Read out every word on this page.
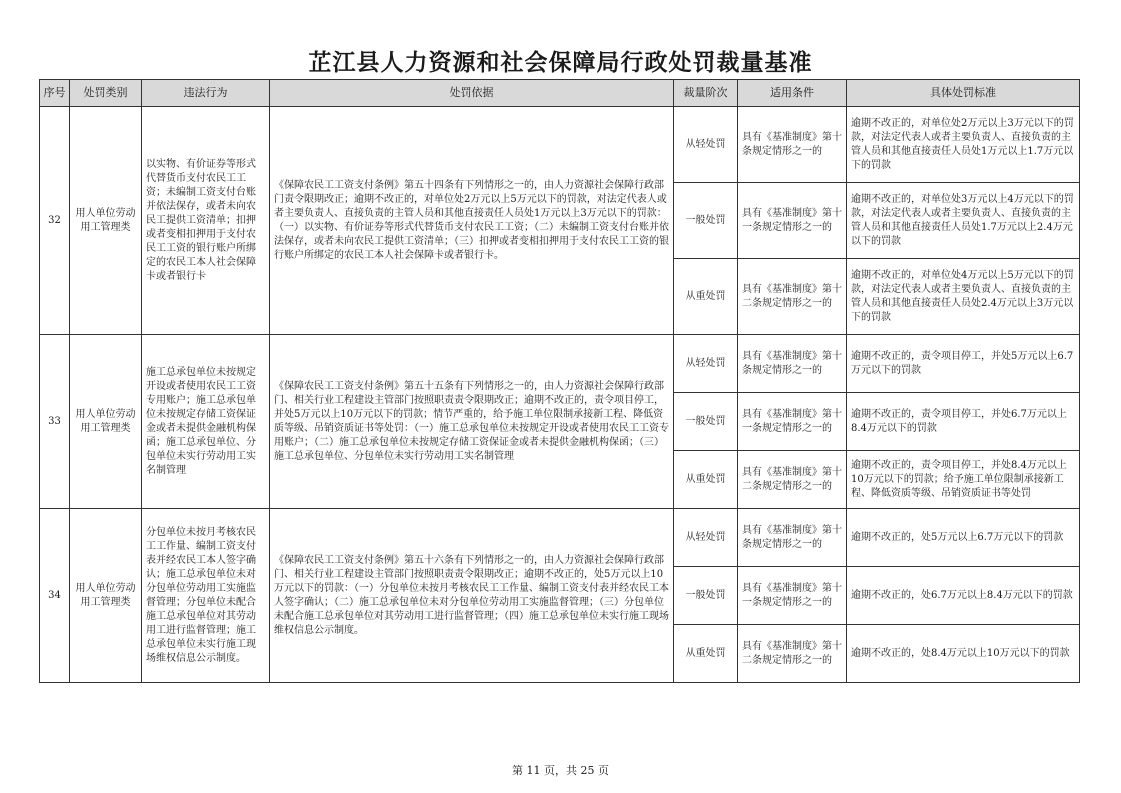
芷江县人力资源和社会保障局行政处罚裁量基准
序号	处罚类别	违法行为	处罚依据	裁量阶次	适用条件	具体处罚标准
32	用人单位劳动用工管理类	以实物、有价证券等形式代替货币支付农民工工资；未编制工资支付台账并依法保存，或者未向农民工提供工资清单；扣押或者变相扣押用于支付农民工工资的银行账户所绑定的农民工本人社会保障卡或者银行卡	《保障农民工工资支付条例》第五十四条有下列情形之一的，由人力资源社会保障行政部门责令限期改正；逾期不改正的，对单位处2万元以上5万元以下的罚款，对法定代表人或者主要负责人、直接负责的主管人员和其他直接责任人员处1万元以上3万元以下的罚款：（一）以实物、有价证券等形式代替货币支付农民工工资；（二）未编制工资支付台账并依法保存，或者未向农民工提供工资清单；（三）扣押或者变相扣押用于支付农民工工资的银行账户所绑定的农民工本人社会保障卡或者银行卡。	从轻处罚	具有《基准制度》第十条规定情形之一的	逾期不改正的，对单位处2万元以上3万元以下的罚款，对法定代表人或者主要负责人、直接负责的主管人员和其他直接责任人员处1万元以上1.7万元以下的罚款
				一般处罚	具有《基准制度》第十一条规定情形之一的	逾期不改正的，对单位处3万元以上4万元以下的罚款，对法定代表人或者主要负责人、直接负责的主管人员和其他直接责任人员处1.7万元以上2.4万元以下的罚款
				从重处罚	具有《基准制度》第十二条规定情形之一的	逾期不改正的，对单位处4万元以上5万元以下的罚款，对法定代表人或者主要负责人、直接负责的主管人员和其他直接责任人员处2.4万元以上3万元以下的罚款
33	用人单位劳动用工管理类	施工总承包单位未按规定开设或者使用农民工工资专用账户；施工总承包单位未按规定存储工资保证金或者未提供金融机构保函；施工总承包单位、分包单位未实行劳动用工实名制管理	《保障农民工工资支付条例》第五十五条有下列情形之一的，由人力资源社会保障行政部门、相关行业工程建设主管部门按照职责责令限期改正；逾期不改正的，责令项目停工，并处5万元以上10万元以下的罚款；情节严重的，给予施工单位限制承接新工程、降低资质等级、吊销资质证书等处罚：（一）施工总承包单位未按规定开设或者使用农民工工资专用账户；（二）施工总承包单位未按规定存储工资保证金或者未提供金融机构保函；（三）施工总承包单位、分包单位未实行劳动用工实名制管理	从轻处罚	具有《基准制度》第十条规定情形之一的	逾期不改正的，责令项目停工，并处5万元以上6.7万元以下的罚款
				一般处罚	具有《基准制度》第十一条规定情形之一的	逾期不改正的，责令项目停工，并处6.7万元以上8.4万元以下的罚款
				从重处罚	具有《基准制度》第十二条规定情形之一的	逾期不改正的，责令项目停工，并处8.4万元以上10万元以下的罚款；给予施工单位限制承接新工程、降低资质等级、吊销资质证书等处罚
34	用人单位劳动用工管理类	分包单位未按月考核农民工工作量、编制工资支付表并经农民工本人签字确认；施工总承包单位未对分包单位劳动用工实施监督管理；分包单位未配合施工总承包单位对其劳动用工进行监督管理；施工总承包单位未实行施工现场维权信息公示制度。	《保障农民工工资支付条例》第五十六条有下列情形之一的，由人力资源社会保障行政部门、相关行业工程建设主管部门按照职责责令限期改正；逾期不改正的，处5万元以上10万元以下的罚款：（一）分包单位未按月考核农民工工作量、编制工资支付表并经农民工本人签字确认；（二）施工总承包单位未对分包单位劳动用工实施监督管理；（三）分包单位未配合施工总承包单位对其劳动用工进行监督管理；（四）施工总承包单位未实行施工现场维权信息公示制度。	从轻处罚	具有《基准制度》第十条规定情形之一的	逾期不改正的，处5万元以上6.7万元以下的罚款
				一般处罚	具有《基准制度》第十一条规定情形之一的	逾期不改正的，处6.7万元以上8.4万元以下的罚款
				从重处罚	具有《基准制度》第十二条规定情形之一的	逾期不改正的，处8.4万元以上10万元以下的罚款
第 11 页，共 25 页
